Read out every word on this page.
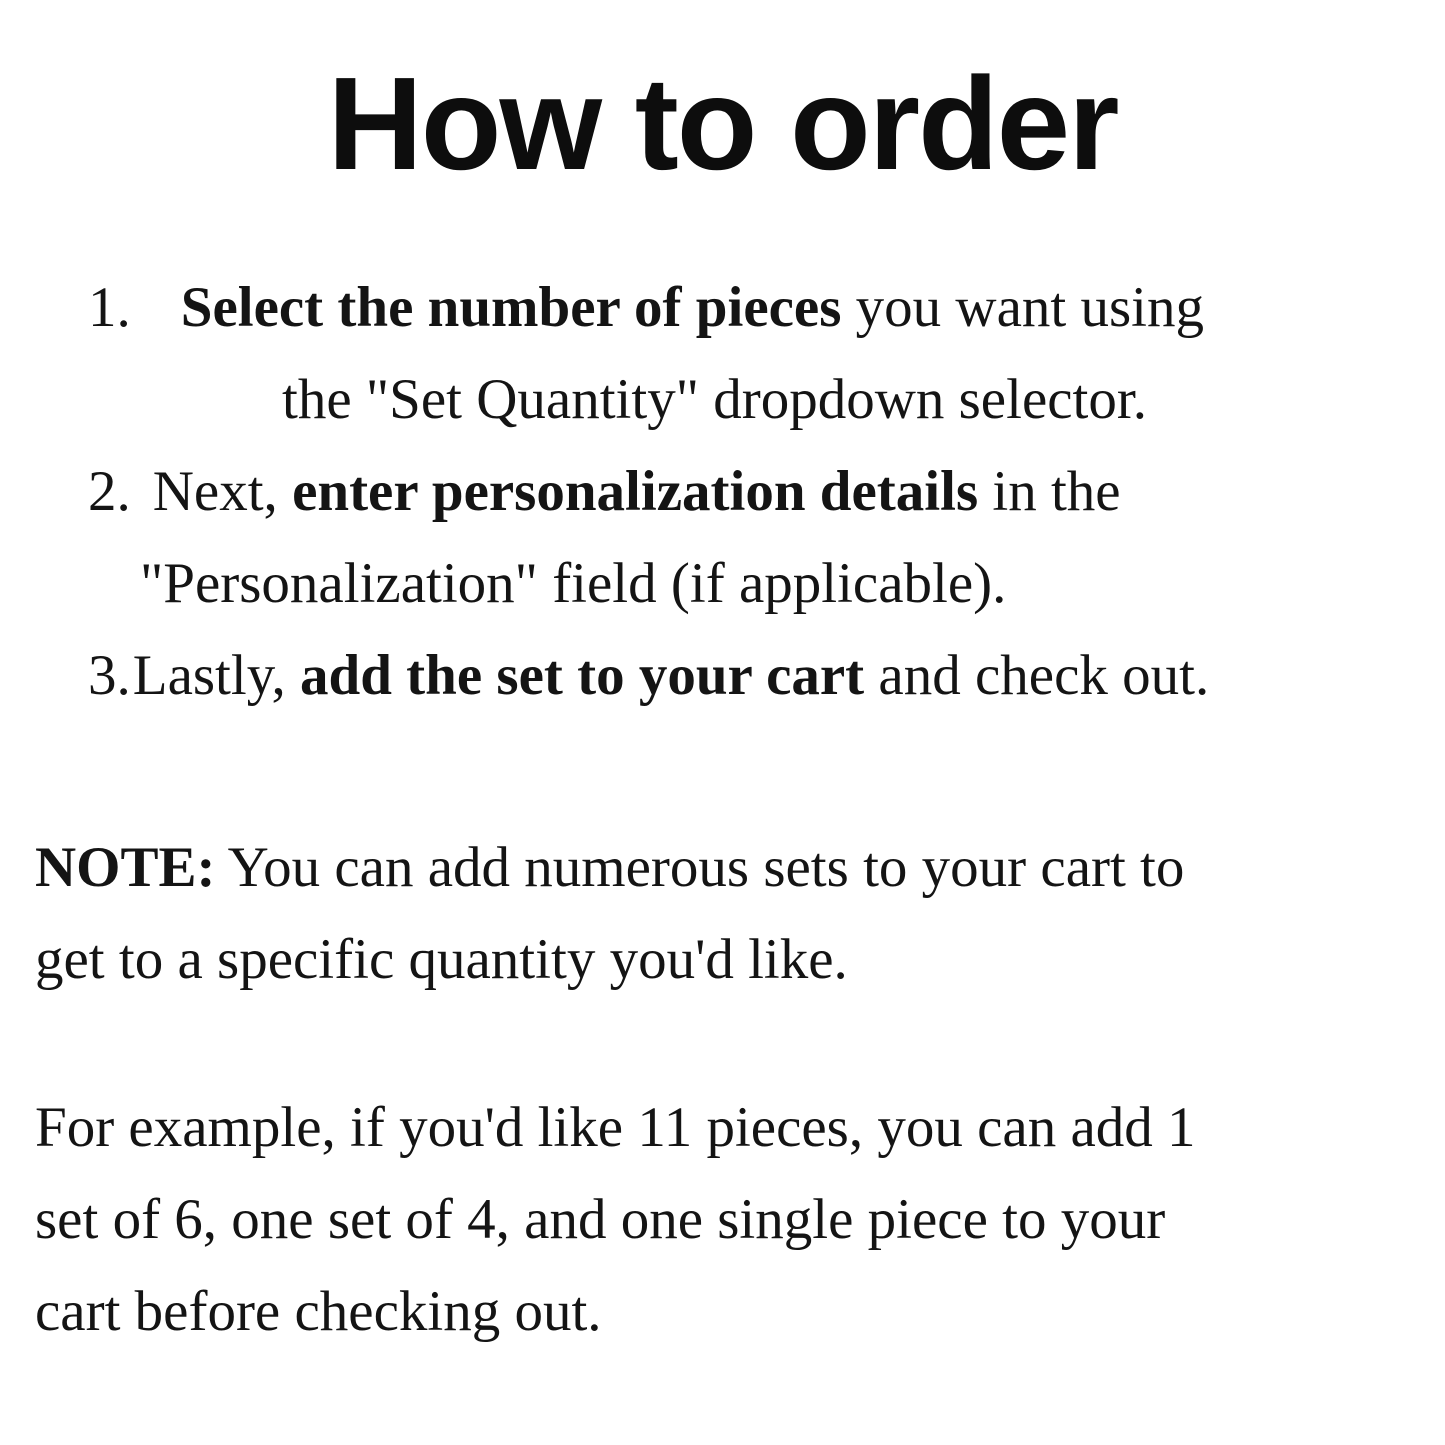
How to order
1. Select the number of pieces you want using
the "Set Quantity" dropdown selector.
2. Next, enter personalization details in the
"Personalization" field (if applicable).
3.Lastly, add the set to your cart and check out.
NOTE: You can add numerous sets to your cart to
get to a specific quantity you'd like.
For example, if you'd like 11 pieces, you can add 1
set of 6, one set of 4, and one single piece to your
cart before checking out.
